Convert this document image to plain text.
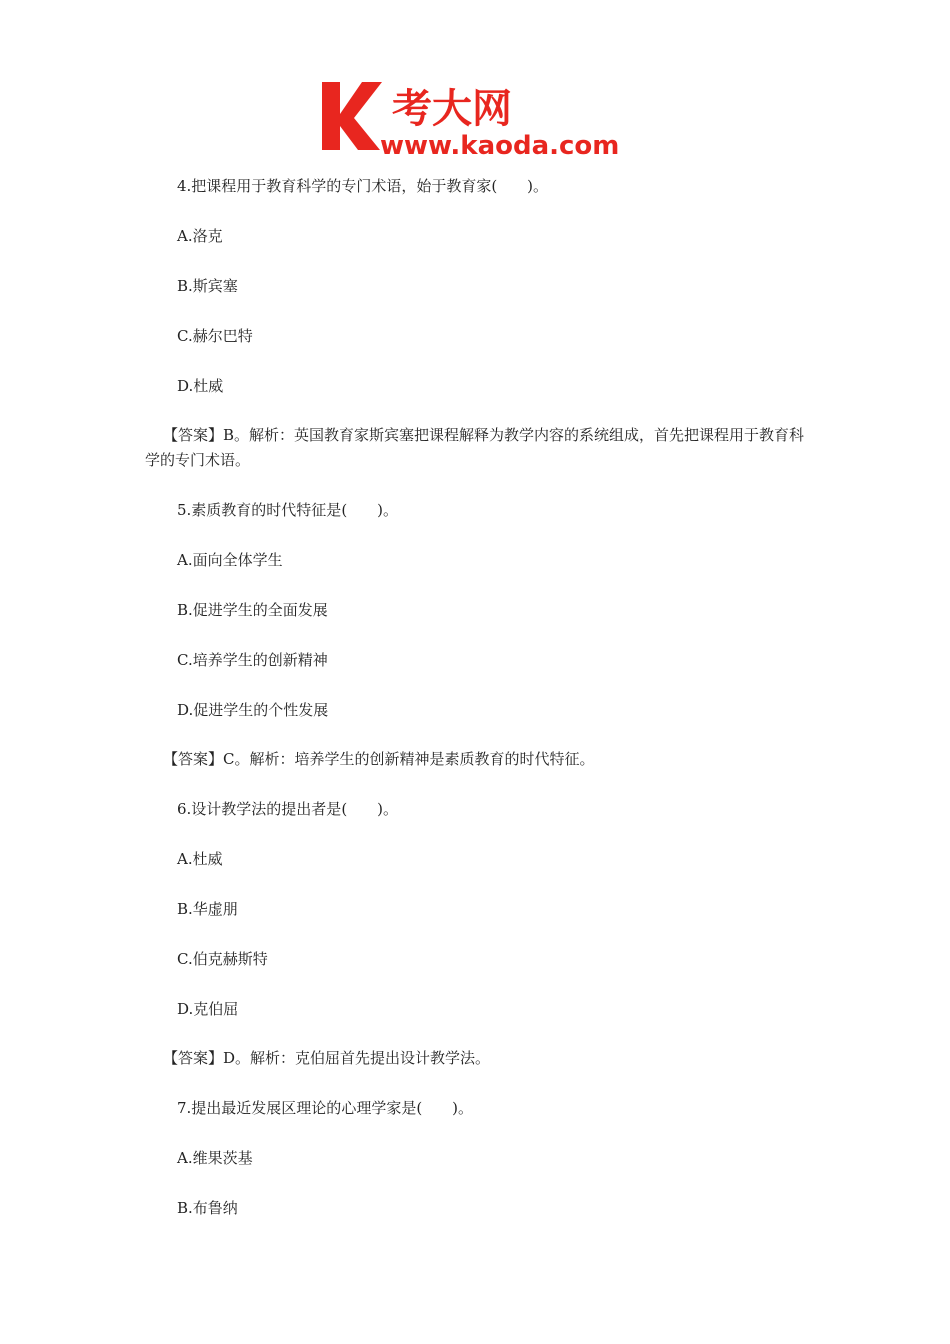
考大网
www.kaoda.com

4.把课程用于教育科学的专门术语，始于教育家(　　)。

A.洛克

B.斯宾塞

C.赫尔巴特

D.杜威

【答案】B。解析：英国教育家斯宾塞把课程解释为教学内容的系统组成，首先把课程用于教育科学的专门术语。

5.素质教育的时代特征是(　　)。

A.面向全体学生

B.促进学生的全面发展

C.培养学生的创新精神

D.促进学生的个性发展

【答案】C。解析：培养学生的创新精神是素质教育的时代特征。

6.设计教学法的提出者是(　　)。

A.杜威

B.华虚朋

C.伯克赫斯特

D.克伯屈

【答案】D。解析：克伯屈首先提出设计教学法。

7.提出最近发展区理论的心理学家是(　　)。

A.维果茨基

B.布鲁纳
